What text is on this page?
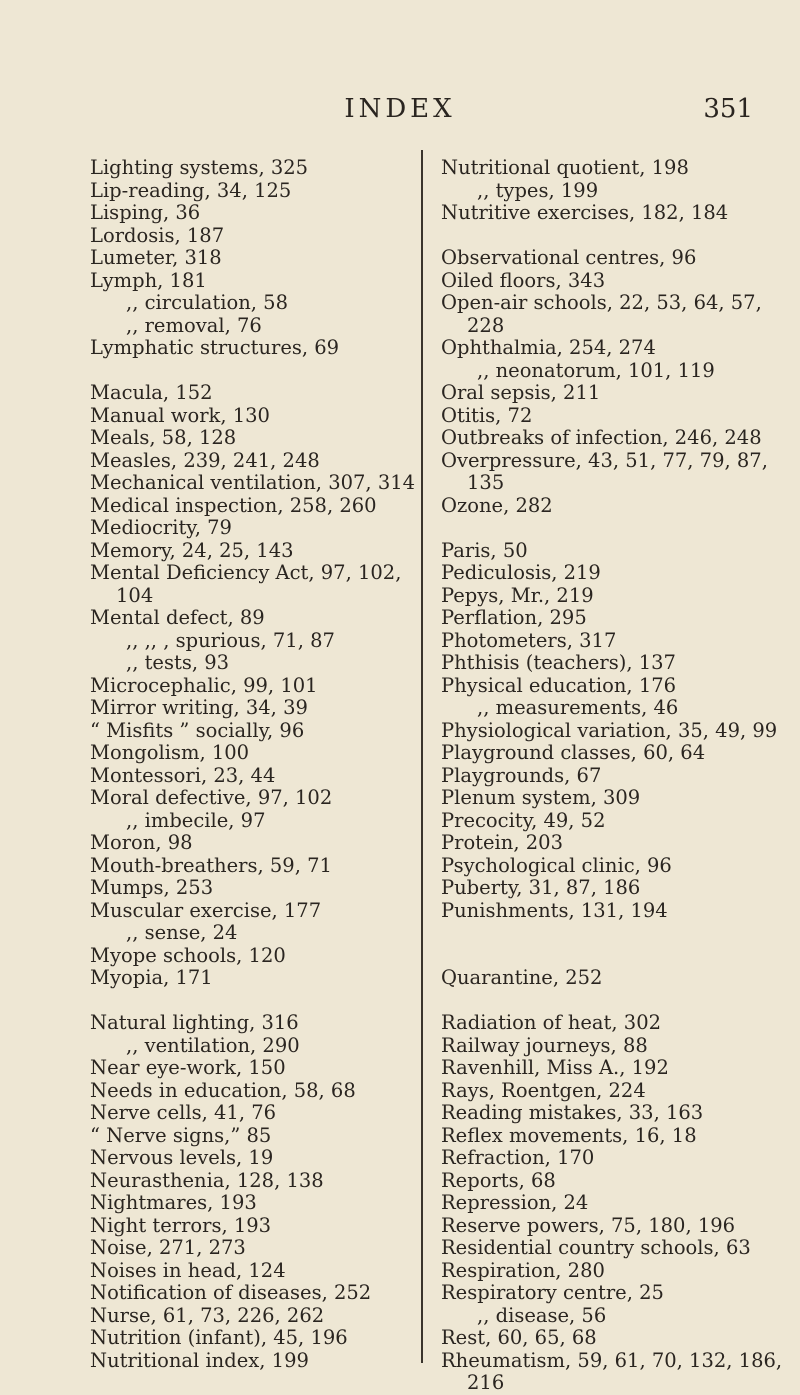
INDEX	351
Lighting systems, 325
Lip-reading, 34, 125
Lisping, 36
Lordosis, 187
Lumeter, 318
Lymph, 181
,, circulation, 58
,, removal, 76
Lymphatic structures, 69
Macula, 152
Manual work, 130
Meals, 58, 128
Measles, 239, 241, 248
Mechanical ventilation, 307, 314
Medical inspection, 258, 260
Mediocrity, 79
Memory, 24, 25, 143
Mental Deficiency Act, 97, 102,
104
Mental defect, 89
,, ,, , spurious, 71, 87
,, tests, 93
Microcephalic, 99, 101
Mirror writing, 34, 39
“ Misfits ” socially, 96
Mongolism, 100
Montessori, 23, 44
Moral defective, 97, 102
,, imbecile, 97
Moron, 98
Mouth-breathers, 59, 71
Mumps, 253
Muscular exercise, 177
,, sense, 24
Myope schools, 120
Myopia, 171
Natural lighting, 316
,, ventilation, 290
Near eye-work, 150
Needs in education, 58, 68
Nerve cells, 41, 76
“ Nerve signs,” 85
Nervous levels, 19
Neurasthenia, 128, 138
Nightmares, 193
Night terrors, 193
Noise, 271, 273
Noises in head, 124
Notification of diseases, 252
Nurse, 61, 73, 226, 262
Nutrition (infant), 45, 196
Nutritional index, 199
Nutritional quotient, 198
,, types, 199
Nutritive exercises, 182, 184
Observational centres, 96
Oiled floors, 343
Open-air schools, 22, 53, 64, 57,
228
Ophthalmia, 254, 274
,, neonatorum, 101, 119
Oral sepsis, 211
Otitis, 72
Outbreaks of infection, 246, 248
Overpressure, 43, 51, 77, 79, 87,
135
Ozone, 282
Paris, 50
Pediculosis, 219
Pepys, Mr., 219
Perflation, 295
Photometers, 317
Phthisis (teachers), 137
Physical education, 176
,, measurements, 46
Physiological variation, 35, 49, 99
Playground classes, 60, 64
Playgrounds, 67
Plenum system, 309
Precocity, 49, 52
Protein, 203
Psychological clinic, 96
Puberty, 31, 87, 186
Punishments, 131, 194
Quarantine, 252
Radiation of heat, 302
Railway journeys, 88
Ravenhill, Miss A., 192
Rays, Roentgen, 224
Reading mistakes, 33, 163
Reflex movements, 16, 18
Refraction, 170
Reports, 68
Repression, 24
Reserve powers, 75, 180, 196
Residential country schools, 63
Respiration, 280
Respiratory centre, 25
,, disease, 56
Rest, 60, 65, 68
Rheumatism, 59, 61, 70, 132, 186,
216
